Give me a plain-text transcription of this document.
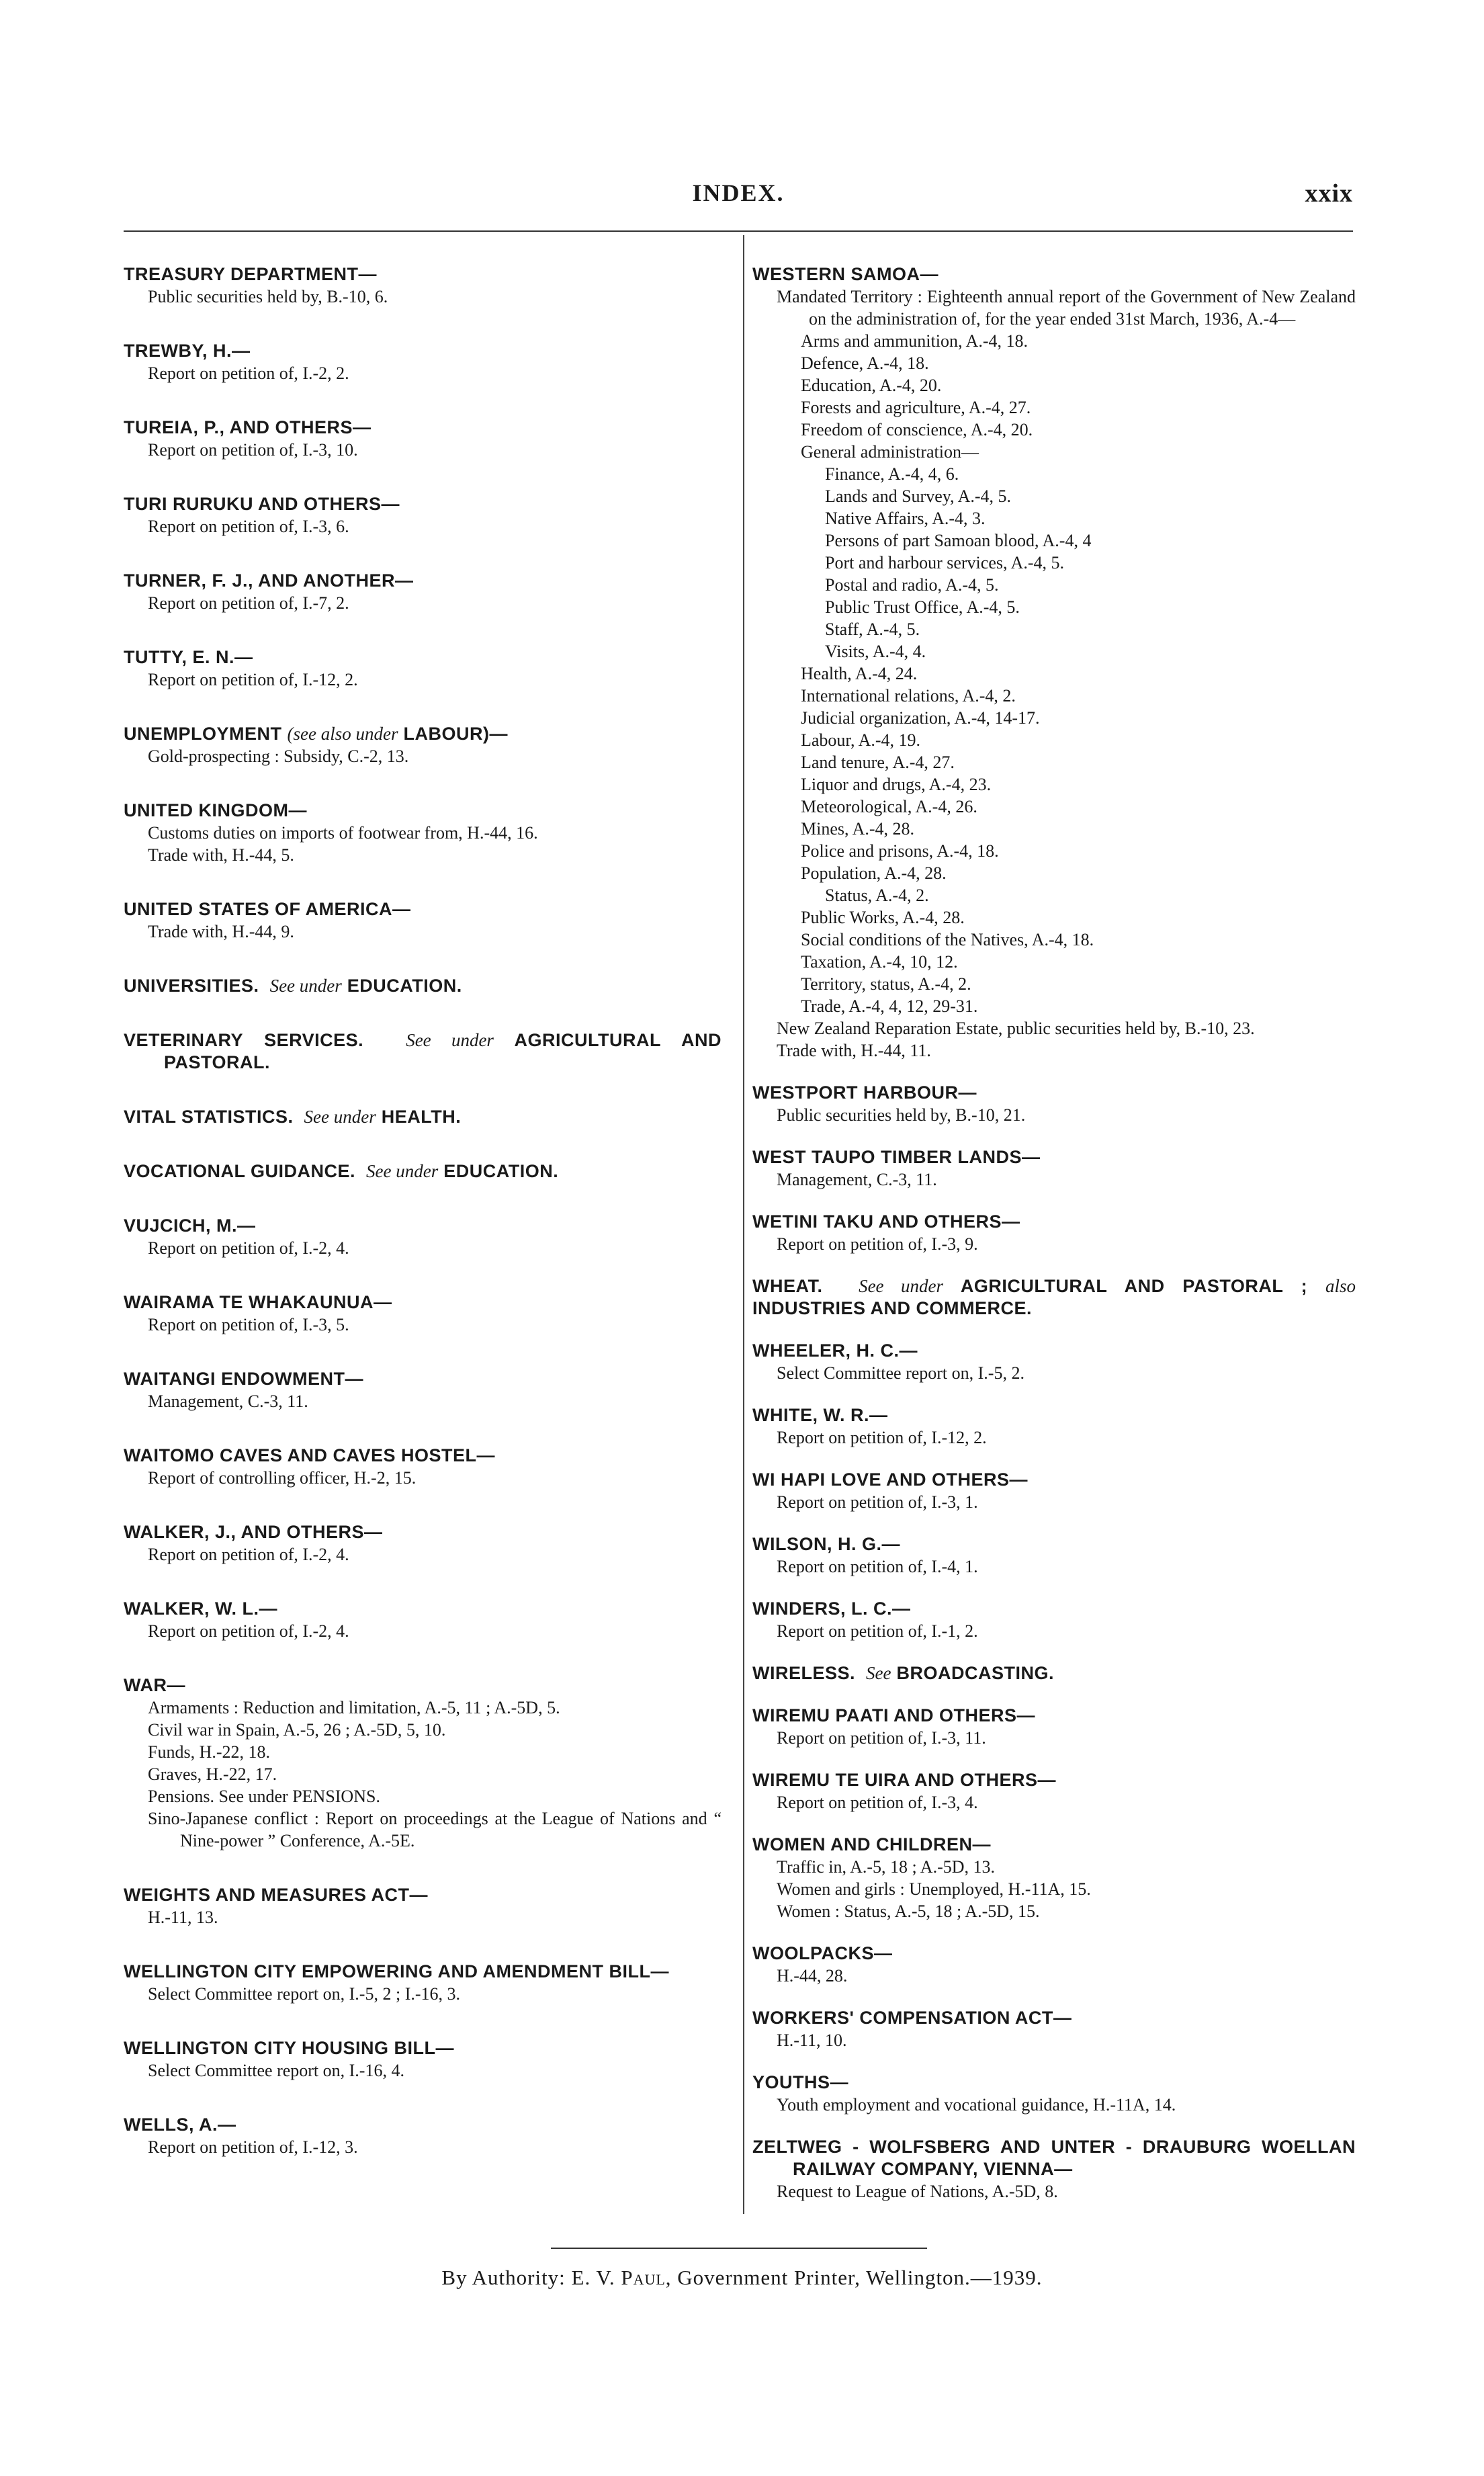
INDEX.	xxix
TREASURY DEPARTMENT—
Public securities held by, B.-10, 6.
TREWBY, H.—
Report on petition of, I.-2, 2.
TUREIA, P., AND OTHERS—
Report on petition of, I.-3, 10.
TURI RURUKU AND OTHERS—
Report on petition of, I.-3, 6.
TURNER, F. J., AND ANOTHER—
Report on petition of, I.-7, 2.
TUTTY, E. N.—
Report on petition of, I.-12, 2.
UNEMPLOYMENT (see also under LABOUR)—
Gold-prospecting : Subsidy, C.-2, 13.
UNITED KINGDOM—
Customs duties on imports of footwear from, H.-44, 16.
Trade with, H.-44, 5.
UNITED STATES OF AMERICA—
Trade with, H.-44, 9.
UNIVERSITIES. See under EDUCATION.
VETERINARY SERVICES. See under AGRICULTURAL AND PASTORAL.
VITAL STATISTICS. See under HEALTH.
VOCATIONAL GUIDANCE. See under EDUCATION.
VUJCICH, M.—
Report on petition of, I.-2, 4.
WAIRAMA TE WHAKAUNUA—
Report on petition of, I.-3, 5.
WAITANGI ENDOWMENT—
Management, C.-3, 11.
WAITOMO CAVES AND CAVES HOSTEL—
Report of controlling officer, H.-2, 15.
WALKER, J., AND OTHERS—
Report on petition of, I.-2, 4.
WALKER, W. L.—
Report on petition of, I.-2, 4.
WAR—
Armaments : Reduction and limitation, A.-5, 11 ; A.-5D, 5.
Civil war in Spain, A.-5, 26 ; A.-5D, 5, 10.
Funds, H.-22, 18.
Graves, H.-22, 17.
Pensions. See under PENSIONS.
Sino-Japanese conflict : Report on proceedings at the League of Nations and “ Nine-power ” Conference, A.-5E.
WEIGHTS AND MEASURES ACT—
H.-11, 13.
WELLINGTON CITY EMPOWERING AND AMENDMENT BILL—
Select Committee report on, I.-5, 2 ; I.-16, 3.
WELLINGTON CITY HOUSING BILL—
Select Committee report on, I.-16, 4.
WELLS, A.—
Report on petition of, I.-12, 3.
WESTERN SAMOA—
Mandated Territory : Eighteenth annual report of the Government of New Zealand on the administration of, for the year ended 31st March, 1936, A.-4—
Arms and ammunition, A.-4, 18.
Defence, A.-4, 18.
Education, A.-4, 20.
Forests and agriculture, A.-4, 27.
Freedom of conscience, A.-4, 20.
General administration—
Finance, A.-4, 4, 6.
Lands and Survey, A.-4, 5.
Native Affairs, A.-4, 3.
Persons of part Samoan blood, A.-4, 4
Port and harbour services, A.-4, 5.
Postal and radio, A.-4, 5.
Public Trust Office, A.-4, 5.
Staff, A.-4, 5.
Visits, A.-4, 4.
Health, A.-4, 24.
International relations, A.-4, 2.
Judicial organization, A.-4, 14-17.
Labour, A.-4, 19.
Land tenure, A.-4, 27.
Liquor and drugs, A.-4, 23.
Meteorological, A.-4, 26.
Mines, A.-4, 28.
Police and prisons, A.-4, 18.
Population, A.-4, 28.
Status, A.-4, 2.
Public Works, A.-4, 28.
Social conditions of the Natives, A.-4, 18.
Taxation, A.-4, 10, 12.
Territory, status, A.-4, 2.
Trade, A.-4, 4, 12, 29-31.
New Zealand Reparation Estate, public securities held by, B.-10, 23.
Trade with, H.-44, 11.
WESTPORT HARBOUR—
Public securities held by, B.-10, 21.
WEST TAUPO TIMBER LANDS—
Management, C.-3, 11.
WETINI TAKU AND OTHERS—
Report on petition of, I.-3, 9.
WHEAT. See under AGRICULTURAL AND PASTORAL ; also INDUSTRIES AND COMMERCE.
WHEELER, H. C.—
Select Committee report on, I.-5, 2.
WHITE, W. R.—
Report on petition of, I.-12, 2.
WI HAPI LOVE AND OTHERS—
Report on petition of, I.-3, 1.
WILSON, H. G.—
Report on petition of, I.-4, 1.
WINDERS, L. C.—
Report on petition of, I.-1, 2.
WIRELESS. See BROADCASTING.
WIREMU PAATI AND OTHERS—
Report on petition of, I.-3, 11.
WIREMU TE UIRA AND OTHERS—
Report on petition of, I.-3, 4.
WOMEN AND CHILDREN—
Traffic in, A.-5, 18 ; A.-5D, 13.
Women and girls : Unemployed, H.-11A, 15.
Women : Status, A.-5, 18 ; A.-5D, 15.
WOOLPACKS—
H.-44, 28.
WORKERS' COMPENSATION ACT—
H.-11, 10.
YOUTHS—
Youth employment and vocational guidance, H.-11A, 14.
ZELTWEG - WOLFSBERG AND UNTER - DRAUBURG WOELLAN RAILWAY COMPANY, VIENNA—
Request to League of Nations, A.-5D, 8.
By Authority: E. V. Paul, Government Printer, Wellington.—1939.
